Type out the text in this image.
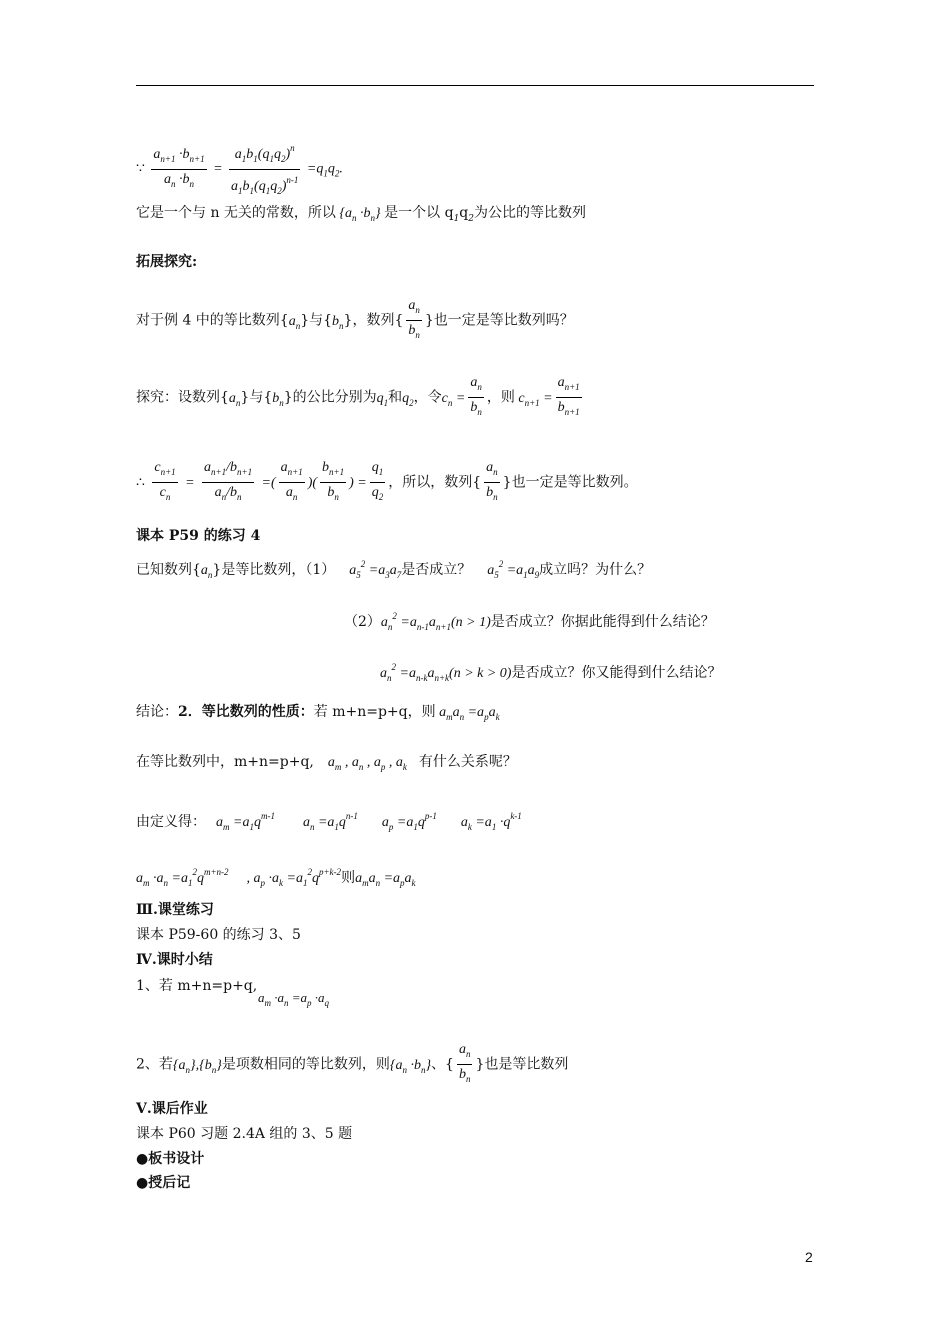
∵ $\frac{a_{n+1} \cdot b_{n+1}}{a_n \cdot b_n} = \frac{a_1b_1(q_1q_2)^n}{a_1b_1(q_1q_2)^{n-1}} =q_1q_2$.
它是一个与 n 无关的常数，所以 $\{a_n \cdot b_n\}$ 是一个以 $q_1q_2$为公比的等比数列
拓展探究:
对于例 4 中的等比数列$\{a_n\}$与$\{b_n\}$，数列{ $\frac{a_n}{b_n}$ }也一定是等比数列吗？
探究：设数列$\{a_n\}$与$\{b_n\}$的公比分别为$q_1$和$q_2$，令$c_n = \frac{a_n}{b_n}$ ，则 $c_{n+1} = \frac{a_{n+1}}{b_{n+1}}$
∴ $\frac{c_{n+1}}{c_n} = \frac{a_{n+1}/b_{n+1}}{a_n/b_n}$ =( $\frac{a_{n+1}}{a_n}$ )( $\frac{b_{n+1}}{b_n}$ ) = $\frac{q_1}{q_2}$ ，所以，数列{ $\frac{a_n}{b_n}$ }也一定是等比数列。
课本 P59 的练习 4
已知数列$\{a_n\}$是等比数列，（1） $a_5^2 =a_3a_7$是否成立？ $a_5^2 =a_1a_9$成立吗？为什么？
$(2)a_n^2 =a_{n-1}a_{n+1}(n > 1)$是否成立？你据此能得到什么结论？
$a_n^2 =a_{n-k}a_{n+k}(n > k > 0)$是否成立？你又能得到什么结论？
结论：2．等比数列的性质：若 m+n=p+q，则 $a_ma_n =a_pa_k$
在等比数列中，m+n=p+q, $a_m$ , $a_n$ , $a_p$ , $a_k$ 有什么关系呢？
由定义得： $a_m =a_1q^{m-1}$ $a_n =a_1q^{n-1}$ $a_p =a_1q^{p-1}$ $a_k =a_1 \cdot q^{k-1}$
$a_m \cdot a_n =a_1^2q^{m+n-2}$ , $a_p \cdot a_k =a_1^2q^{p+k-2}$则$a_ma_n =a_pa_k$
Ⅲ.课堂练习
课本 P59-60 的练习 3、5
Ⅳ.课时小结
1、若 m+n=p+q,
$a_m \cdot a_n =a_p \cdot a_q$
2、若$\{a_n\},\{b_n\}$是项数相同的等比数列，则$\{a_n \cdot b_n\}$、{ $\frac{a_n}{b_n}$ }也是等比数列
Ⅴ.课后作业
课本 P60 习题 2.4A 组的 3、5 题
●板书设计
●授后记
2
